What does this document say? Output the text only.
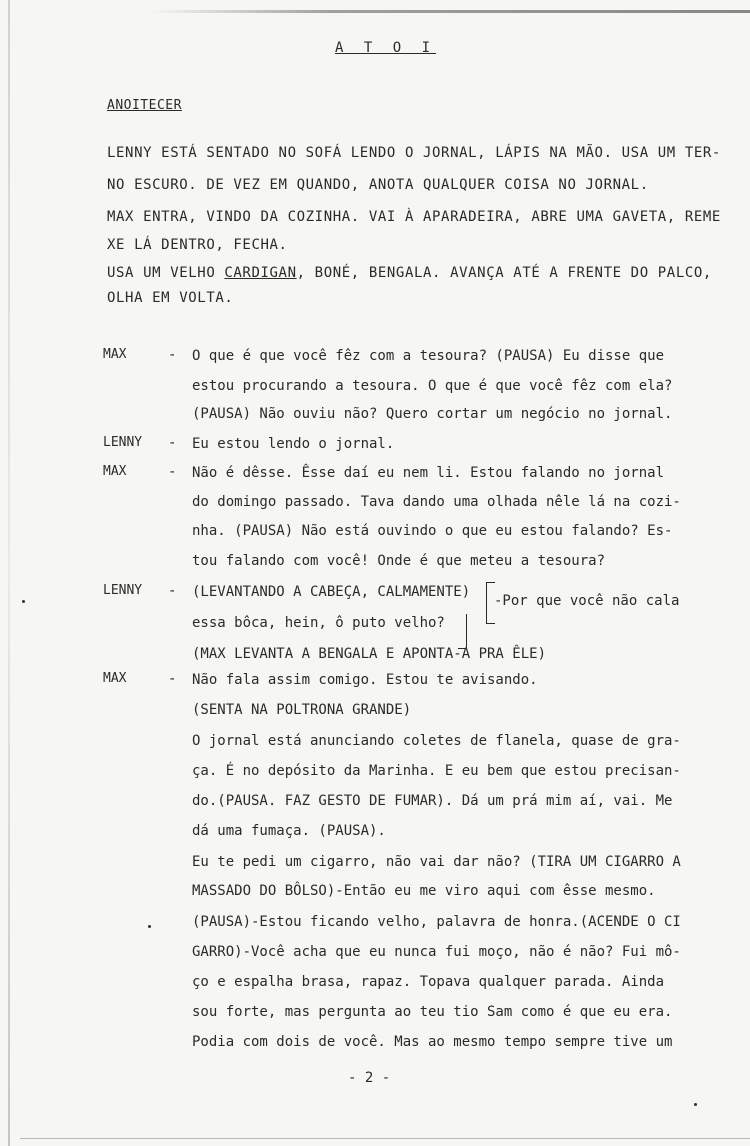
A T O I
ANOITECER
LENNY ESTÁ SENTADO NO SOFÁ LENDO O JORNAL, LÁPIS NA MÃO. USA UM TER-
NO ESCURO. DE VEZ EM QUANDO, ANOTA QUALQUER COISA NO JORNAL.
MAX ENTRA, VINDO DA COZINHA. VAI À APARADEIRA, ABRE UMA GAVETA, REME
XE LÁ DENTRO, FECHA.
USA UM VELHO CARDIGAN, BONÉ, BENGALA. AVANÇA ATÉ A FRENTE DO PALCO,
OLHA EM VOLTA.
MAX
LENNY
MAX
LENNY
MAX
-
-
-
-
-
O que é que você fêz com a tesoura? (PAUSA) Eu disse que
estou procurando a tesoura. O que é que você fêz com ela?
(PAUSA) Não ouviu não? Quero cortar um negócio no jornal.
Eu estou lendo o jornal.
Não é dêsse. Êsse daí eu nem li. Estou falando no jornal
do domingo passado. Tava dando uma olhada nêle lá na cozi-
nha. (PAUSA) Não está ouvindo o que eu estou falando? Es-
tou falando com você! Onde é que meteu a tesoura?
(LEVANTANDO A CABEÇA, CALMAMENTE)
-Por que você não cala
essa bôca, hein, ô puto velho?
(MAX LEVANTA A BENGALA E APONTA-A PRA ÊLE)
Não fala assim comigo. Estou te avisando.
(SENTA NA POLTRONA GRANDE)
O jornal está anunciando coletes de flanela, quase de gra-
ça. É no depósito da Marinha. E eu bem que estou precisan-
do.(PAUSA. FAZ GESTO DE FUMAR). Dá um prá mim aí, vai. Me
dá uma fumaça. (PAUSA).
Eu te pedi um cigarro, não vai dar não? (TIRA UM CIGARRO A
MASSADO DO BÔLSO)-Então eu me viro aqui com êsse mesmo.
(PAUSA)-Estou ficando velho, palavra de honra.(ACENDE O CI
GARRO)-Você acha que eu nunca fui moço, não é não? Fui mô-
ço e espalha brasa, rapaz. Topava qualquer parada. Ainda
sou forte, mas pergunta ao teu tio Sam como é que eu era.
Podia com dois de você. Mas ao mesmo tempo sempre tive um
- 2 -
